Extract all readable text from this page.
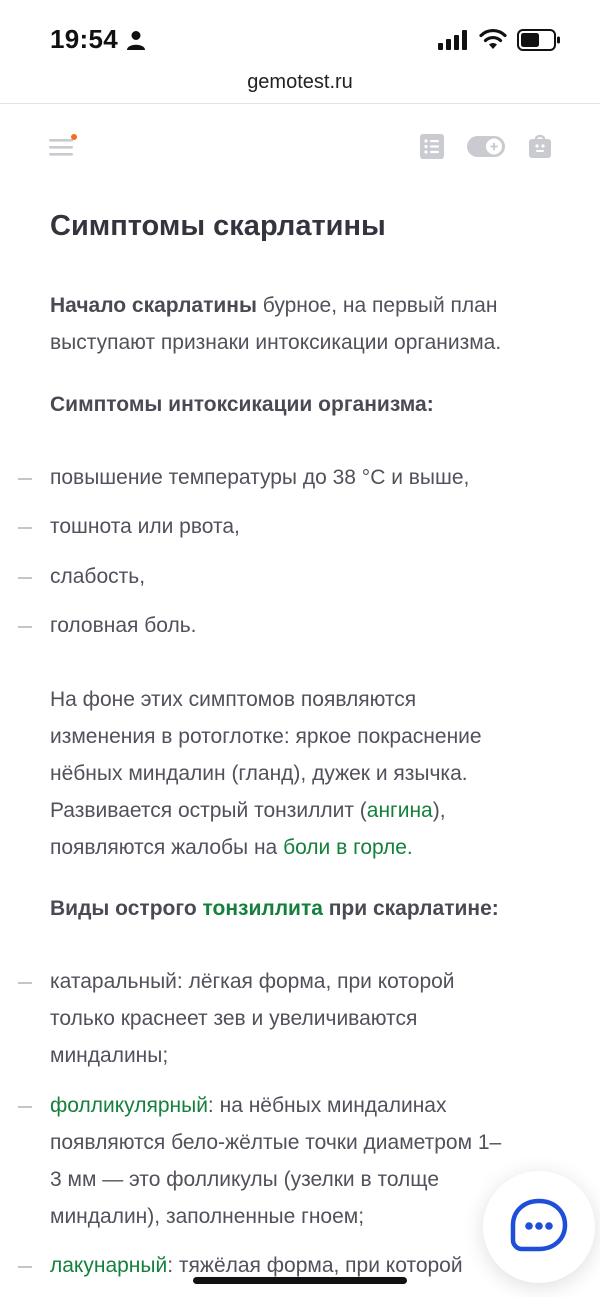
19:54
gemotest.ru
Симптомы скарлатины
Начало скарлатины бурное, на первый план
выступают признаки интоксикации организма.
Симптомы интоксикации организма:
повышение температуры до 38 °С и выше,
тошнота или рвота,
слабость,
головная боль.
На фоне этих симптомов появляются
изменения в ротоглотке: яркое покраснение
нёбных миндалин (гланд), дужек и язычка.
Развивается острый тонзиллит (ангина),
появляются жалобы на боли в горле.
Виды острого тонзиллита при скарлатине:
катаральный: лёгкая форма, при которой
только краснеет зев и увеличиваются
миндалины;
фолликулярный: на нёбных миндалинах
появляются бело-жёлтые точки диаметром 1–
3 мм — это фолликулы (узелки в толще
миндалин), заполненные гноем;
лакунарный: тяжёлая форма, при которой
